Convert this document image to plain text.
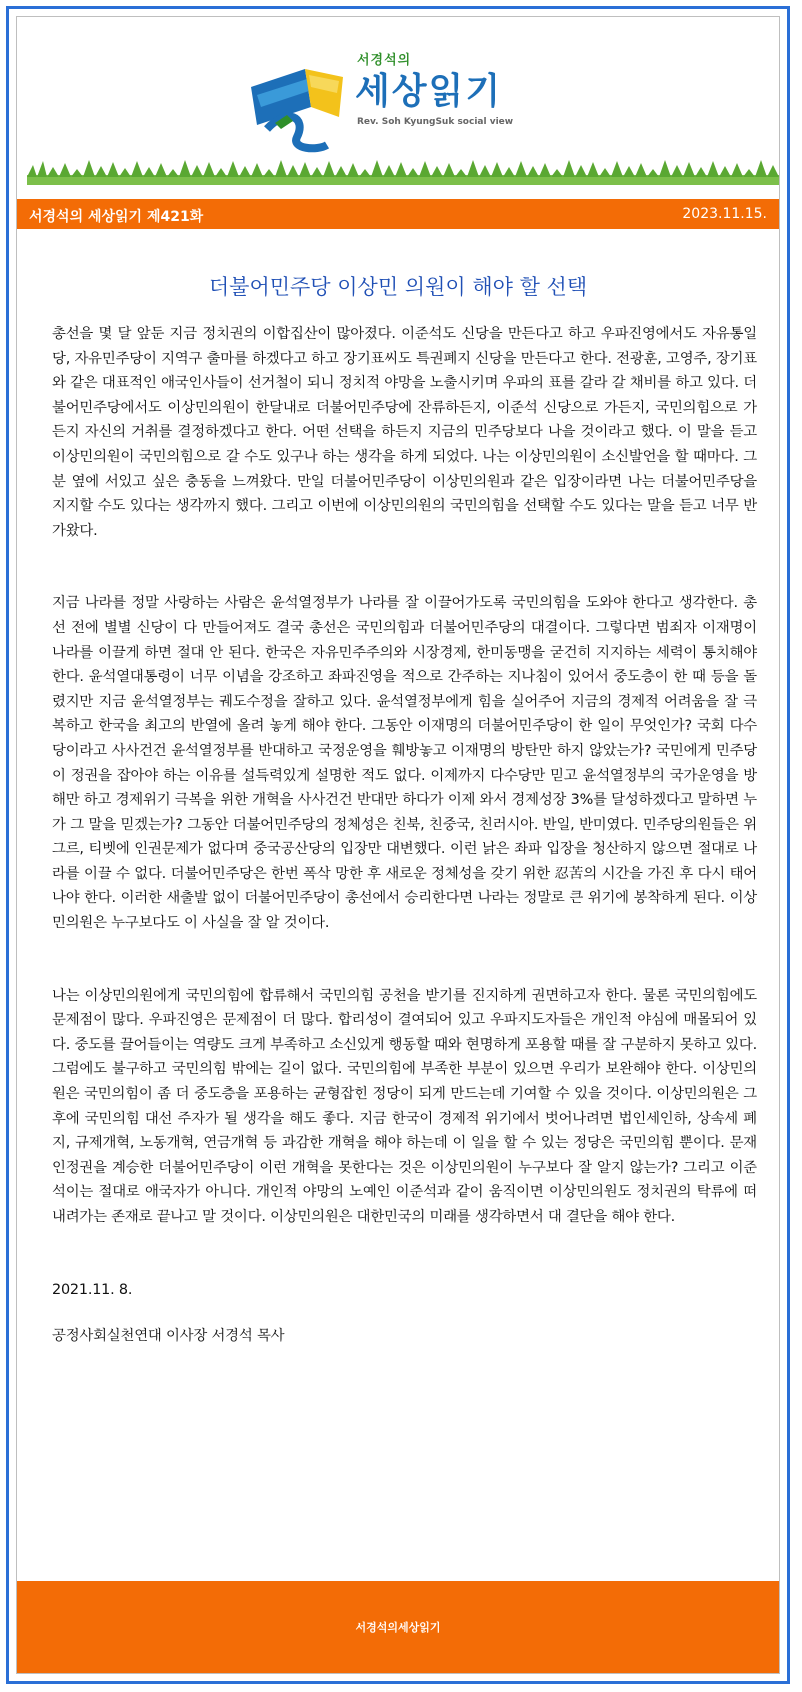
서경석의
세상읽기
Rev. Soh KyungSuk social view
서경석의 세상읽기 제421화	2023.11.15.
더불어민주당 이상민 의원이 해야 할 선택

총선을 몇 달 앞둔 지금 정치권의 이합집산이 많아졌다. 이준석도 신당을 만든다고 하고 우파진영에서도 자유통일당, 자유민주당이 지역구 출마를 하겠다고 하고 장기표씨도 특권폐지 신당을 만든다고 한다. 전광훈, 고영주, 장기표와 같은 대표적인 애국인사들이 선거철이 되니 정치적 야망을 노출시키며 우파의 표를 갈라 갈 채비를 하고 있다. 더불어민주당에서도 이상민의원이 한달내로 더불어민주당에 잔류하든지, 이준석 신당으로 가든지, 국민의힘으로 가든지 자신의 거취를 결정하겠다고 한다. 어떤 선택을 하든지 지금의 민주당보다 나을 것이라고 했다. 이 말을 듣고 이상민의원이 국민의힘으로 갈 수도 있구나 하는 생각을 하게 되었다. 나는 이상민의원이 소신발언을 할 때마다. 그분 옆에 서있고 싶은 충동을 느껴왔다. 만일 더불어민주당이 이상민의원과 같은 입장이라면 나는 더불어민주당을 지지할 수도 있다는 생각까지 했다. 그리고 이번에 이상민의원의 국민의힘을 선택할 수도 있다는 말을 듣고 너무 반가왔다.

지금 나라를 정말 사랑하는 사람은 윤석열정부가 나라를 잘 이끌어가도록 국민의힘을 도와야 한다고 생각한다. 총선 전에 별별 신당이 다 만들어져도 결국 총선은 국민의힘과 더불어민주당의 대결이다. 그렇다면 범죄자 이재명이 나라를 이끌게 하면 절대 안 된다. 한국은 자유민주주의와 시장경제, 한미동맹을 굳건히 지지하는 세력이 통치해야 한다. 윤석열대통령이 너무 이념을 강조하고 좌파진영을 적으로 간주하는 지나침이 있어서 중도층이 한 때 등을 돌렸지만 지금 윤석열정부는 궤도수정을 잘하고 있다. 윤석열정부에게 힘을 실어주어 지금의 경제적 어려움을 잘 극복하고 한국을 최고의 반열에 올려 놓게 해야 한다. 그동안 이재명의 더불어민주당이 한 일이 무엇인가? 국회 다수당이라고 사사건건 윤석열정부를 반대하고 국정운영을 훼방놓고 이재명의 방탄만 하지 않았는가? 국민에게 민주당이 정권을 잡아야 하는 이유를 설득력있게 설명한 적도 없다. 이제까지 다수당만 믿고 윤석열정부의 국가운영을 방해만 하고 경제위기 극복을 위한 개혁을 사사건건 반대만 하다가 이제 와서 경제성장 3%를 달성하겠다고 말하면 누가 그 말을 믿겠는가? 그동안 더불어민주당의 정체성은 친북, 친중국, 친러시아. 반일, 반미였다. 민주당의원들은 위그르, 티벳에 인권문제가 없다며 중국공산당의 입장만 대변했다. 이런 낡은 좌파 입장을 청산하지 않으면 절대로 나라를 이끌 수 없다. 더불어민주당은 한번 폭삭 망한 후 새로운 정체성을 갖기 위한 忍苦의 시간을 가진 후 다시 태어나야 한다. 이러한 새출발 없이 더불어민주당이 총선에서 승리한다면 나라는 정말로 큰 위기에 봉착하게 된다. 이상민의원은 누구보다도 이 사실을 잘 알 것이다.

나는 이상민의원에게 국민의힘에 합류해서 국민의힘 공천을 받기를 진지하게 권면하고자 한다. 물론 국민의힘에도 문제점이 많다. 우파진영은 문제점이 더 많다. 합리성이 결여되어 있고 우파지도자들은 개인적 야심에 매몰되어 있다. 중도를 끌어들이는 역량도 크게 부족하고 소신있게 행동할 때와 현명하게 포용할 때를 잘 구분하지 못하고 있다. 그럼에도 불구하고 국민의힘 밖에는 길이 없다. 국민의힘에 부족한 부분이 있으면 우리가 보완해야 한다. 이상민의원은 국민의힘이 좀 더 중도층을 포용하는 균형잡힌 정당이 되게 만드는데 기여할 수 있을 것이다. 이상민의원은 그후에 국민의힘 대선 주자가 될 생각을 해도 좋다. 지금 한국이 경제적 위기에서 벗어나려면 법인세인하, 상속세 폐지, 규제개혁, 노동개혁, 연금개혁 등 과감한 개혁을 해야 하는데 이 일을 할 수 있는 정당은 국민의힘 뿐이다. 문재인정권을 계승한 더불어민주당이 이런 개혁을 못한다는 것은 이상민의원이 누구보다 잘 알지 않는가? 그리고 이준석이는 절대로 애국자가 아니다. 개인적 야망의 노예인 이준석과 같이 움직이면 이상민의원도 정치권의 탁류에 떠내려가는 존재로 끝나고 말 것이다. 이상민의원은 대한민국의 미래를 생각하면서 대 결단을 해야 한다.

2021.11. 8.
공정사회실천연대 이사장 서경석 목사
서경석의세상읽기
